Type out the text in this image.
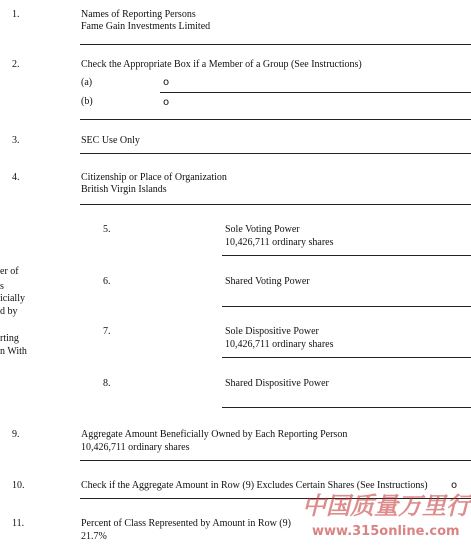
1.	Names of Reporting Persons
Fame Gain Investments Limited
2.	Check the Appropriate Box if a Member of a Group (See Instructions)
(a)	o
(b)	o
3.	SEC Use Only
4.	Citizenship or Place of Organization
British Virgin Islands
er of
s
icially
d by
rting
n With
5.	Sole Voting Power
10,426,711 ordinary shares
6.	Shared Voting Power
7.	Sole Dispositive Power
10,426,711 ordinary shares
8.	Shared Dispositive Power
9.	Aggregate Amount Beneficially Owned by Each Reporting Person
10,426,711 ordinary shares
10.	Check if the Aggregate Amount in Row (9) Excludes Certain Shares (See Instructions) o
11.	Percent of Class Represented by Amount in Row (9)
21.7%
中国质量万里行
www.315online.com
